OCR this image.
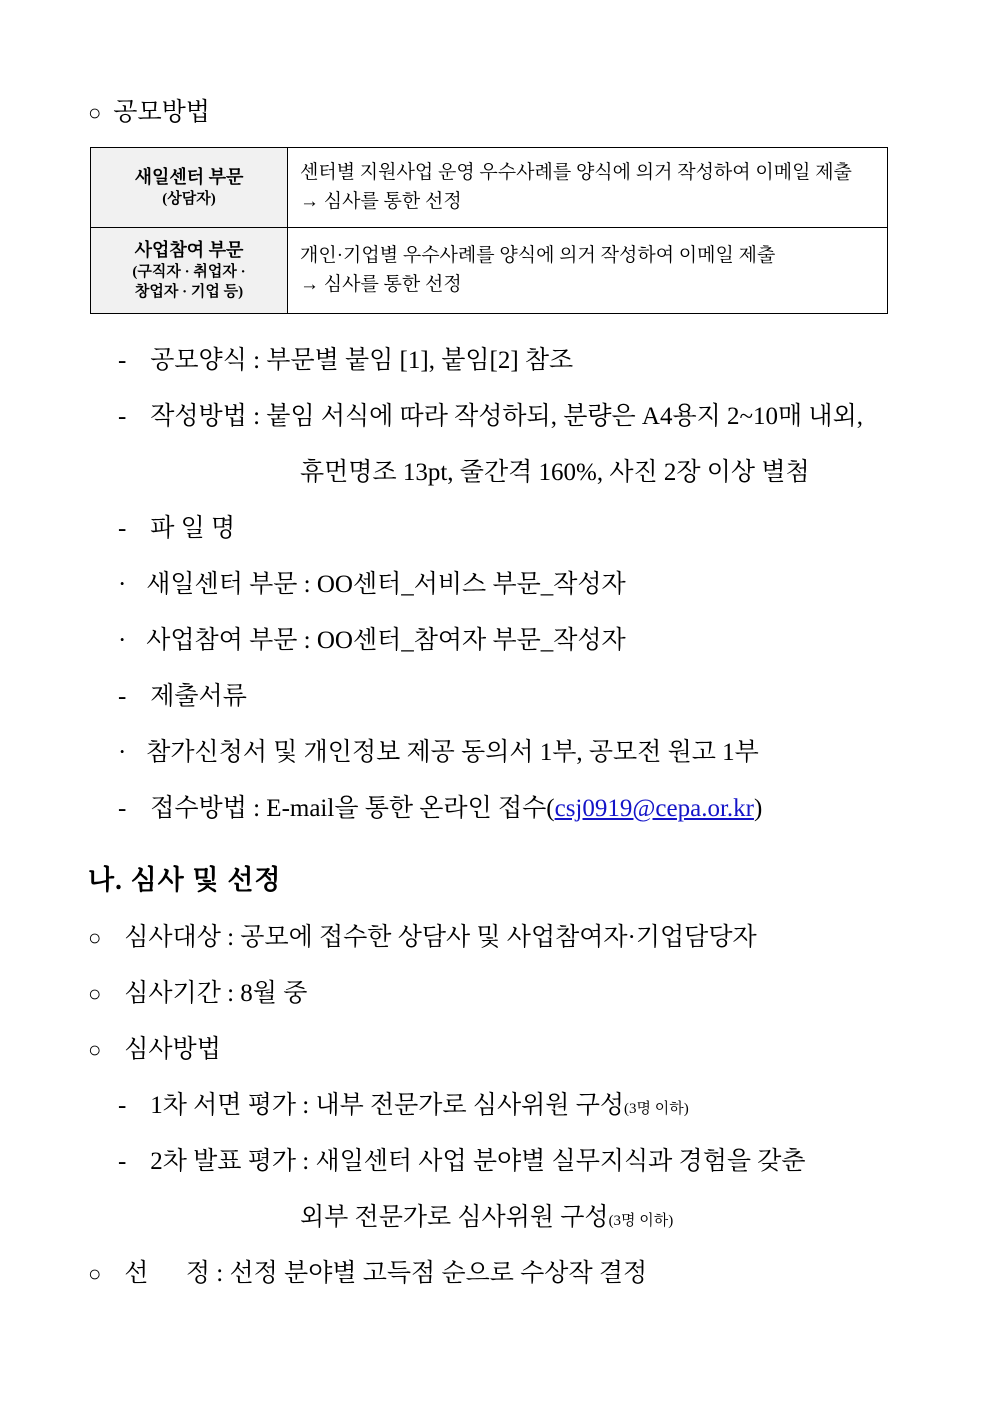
○ 공모방법
새일센터 부문
(상담자)	센터별 지원사업 운영 우수사례를 양식에 의거 작성하여 이메일 제출
→ 심사를 통한 선정

사업참여 부문
(구직자 · 취업자 ·
창업자 · 기업 등)	개인·기업별 우수사례를 양식에 의거 작성하여 이메일 제출
→ 심사를 통한 선정
- 공모양식 : 부문별 붙임 [1], 붙임[2] 참조
- 작성방법 : 붙임 서식에 따라 작성하되, 분량은 A4용지 2~10매 내외,
휴먼명조 13pt, 줄간격 160%, 사진 2장 이상 별첨
- 파 일 명
· 새일센터 부문 : OO센터_서비스 부문_작성자
· 사업참여 부문 : OO센터_참여자 부문_작성자
- 제출서류
· 참가신청서 및 개인정보 제공 동의서 1부, 공모전 원고 1부
- 접수방법 : E-mail을 통한 온라인 접수(csj0919@cepa.or.kr)
나. 심사 및 선정
○ 심사대상 : 공모에 접수한 상담사 및 사업참여자·기업담당자
○ 심사기간 : 8월 중
○ 심사방법
- 1차 서면 평가 : 내부 전문가로 심사위원 구성(3명 이하)
- 2차 발표 평가 : 새일센터 사업 분야별 실무지식과 경험을 갖춘
외부 전문가로 심사위원 구성(3명 이하)
○ 선      정 : 선정 분야별 고득점 순으로 수상작 결정
